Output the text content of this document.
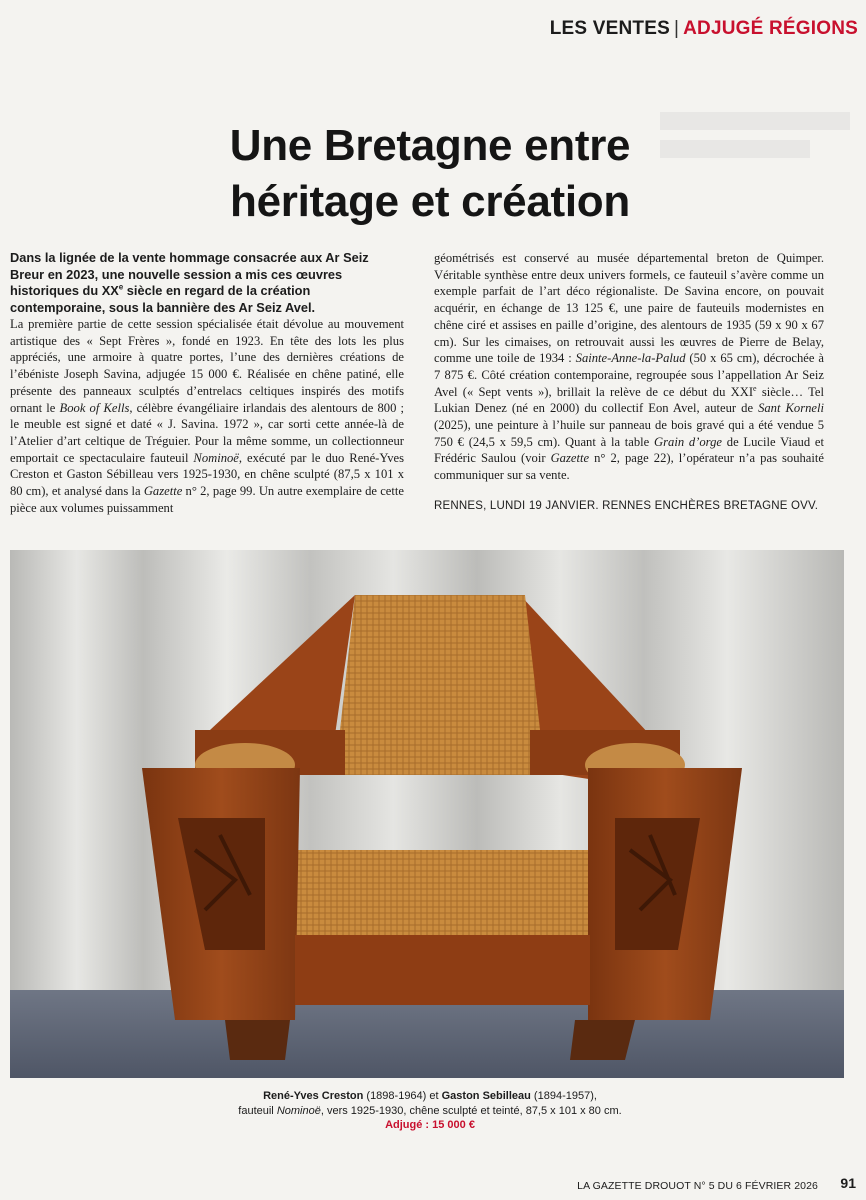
LES VENTES | ADJUGÉ RÉGIONS
Une Bretagne entre
héritage et création

Dans la lignée de la vente hommage consacrée aux Ar Seiz Breur en 2023, une nouvelle session a mis ces œuvres historiques du XXe siècle en regard de la création contemporaine, sous la bannière des Ar Seiz Avel.

La première partie de cette session spécialisée était dévolue au mouvement artistique des « Sept Frères », fondé en 1923. En tête des lots les plus appréciés, une armoire à quatre portes, l’une des dernières créations de l’ébéniste Joseph Savina, adjugée 15 000 €. Réalisée en chêne patiné, elle présente des panneaux sculptés d’entrelacs celtiques inspirés des motifs ornant le Book of Kells, célèbre évangéliaire irlandais des alentours de 800 ; le meuble est signé et daté « J. Savina. 1972 », car sorti cette année-là de l’Atelier d’art celtique de Tréguier. Pour la même somme, un collectionneur emportait ce spectaculaire fauteuil Nominoë, exécuté par le duo René-Yves Creston et Gaston Sébilleau vers 1925-1930, en chêne sculpté (87,5 x 101 x 80 cm), et analysé dans la Gazette n° 2, page 99. Un autre exemplaire de cette pièce aux volumes puissamment

géométrisés est conservé au musée départemental breton de Quimper. Véritable synthèse entre deux univers formels, ce fauteuil s’avère comme un exemple parfait de l’art déco régionaliste. De Savina encore, on pouvait acquérir, en échange de 13 125 €, une paire de fauteuils modernistes en chêne ciré et assises en paille d’origine, des alentours de 1935 (59 x 90 x 67 cm). Sur les cimaises, on retrouvait aussi les œuvres de Pierre de Belay, comme une toile de 1934 : Sainte-Anne-la-Palud (50 x 65 cm), décrochée à 7 875 €. Côté création contemporaine, regroupée sous l’appellation Ar Seiz Avel (« Sept vents »), brillait la relève de ce début du XXIe siècle… Tel Lukian Denez (né en 2000) du collectif Eon Avel, auteur de Sant Korneli (2025), une peinture à l’huile sur panneau de bois gravé qui a été vendue 5 750 € (24,5 x 59,5 cm). Quant à la table Grain d’orge de Lucile Viaud et Frédéric Saulou (voir Gazette n° 2, page 22), l’opérateur n’a pas souhaité communiquer sur sa vente.

RENNES, LUNDI 19 JANVIER. RENNES ENCHÈRES BRETAGNE OVV.
René-Yves Creston (1898-1964) et Gaston Sebilleau (1894-1957),
fauteuil Nominoë, vers 1925-1930, chêne sculpté et teinté, 87,5 x 101 x 80 cm.
Adjugé : 15 000 €
LA GAZETTE DROUOT N° 5 DU 6 FÉVRIER 2026 91
